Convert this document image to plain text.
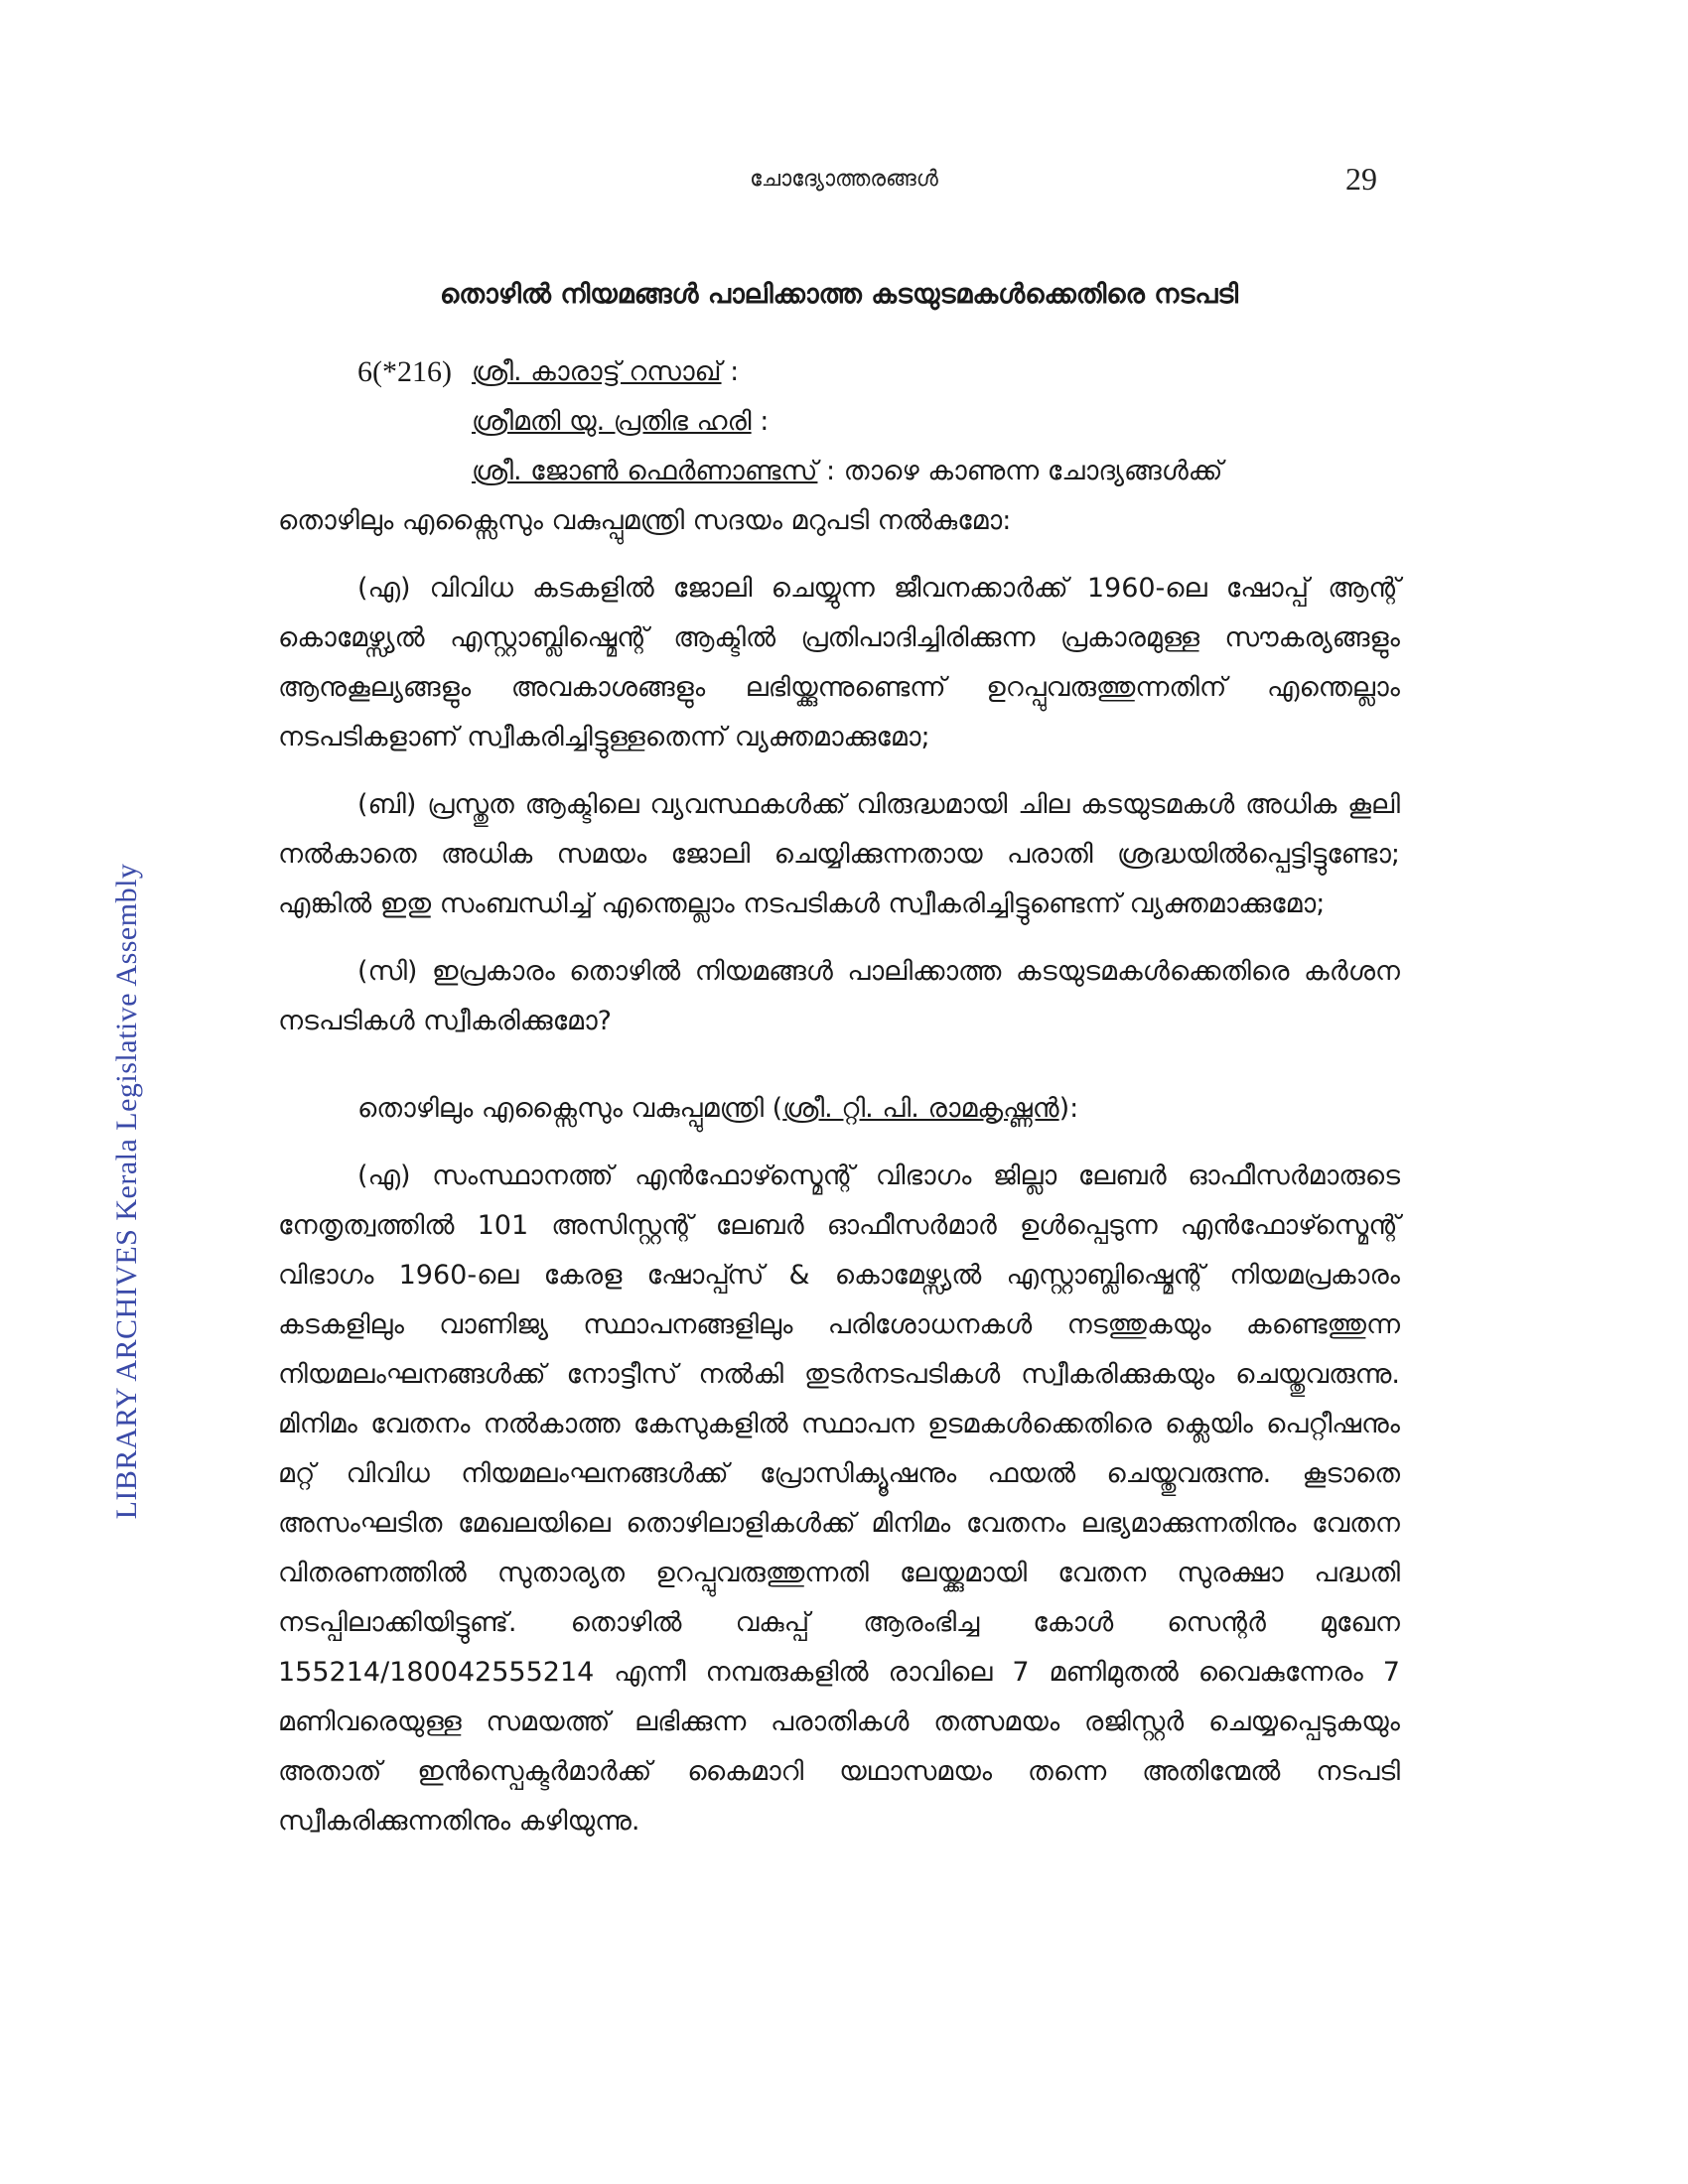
LIBRARY ARCHIVES Kerala Legislative Assembly
ചോദ്യോത്തരങ്ങൾ	29
തൊഴിൽ നിയമങ്ങൾ പാലിക്കാത്ത കടയുടമകൾക്കെതിരെ നടപടി
6(*216) ശ്രീ. കാരാട്ട് റസാഖ് :
ശ്രീമതി യു. പ്രതിഭ ഹരി :
ശ്രീ. ജോൺ ഫെർണാണ്ടസ് : താഴെ കാണുന്ന ചോദ്യങ്ങൾക്ക്

തൊഴിലും എക്സൈസും വകുപ്പുമന്ത്രി സദയം മറുപടി നൽകുമോ:

(എ) വിവിധ കടകളിൽ ജോലി ചെയ്യുന്ന ജീവനക്കാർക്ക് 1960-ലെ ഷോപ്പ് ആന്റ് കൊമേഴ്സ്യൽ എസ്റ്റാബ്ലിഷ്മെന്റ് ആക്ടിൽ പ്രതിപാദിച്ചിരിക്കുന്ന പ്രകാരമുള്ള സൗകര്യങ്ങളും ആനുകൂല്യങ്ങളും അവകാശങ്ങളും ലഭിയ്ക്കുന്നുണ്ടെന്ന് ഉറപ്പുവരുത്തുന്നതിന് എന്തെല്ലാം നടപടികളാണ് സ്വീകരിച്ചിട്ടുള്ളതെന്ന് വ്യക്തമാക്കുമോ;

(ബി) പ്രസ്തുത ആക്ടിലെ വ്യവസ്ഥകൾക്ക് വിരുദ്ധമായി ചില കടയുടമകൾ അധിക കൂലി നൽകാതെ അധിക സമയം ജോലി ചെയ്യിക്കുന്നതായ പരാതി ശ്രദ്ധയിൽപ്പെട്ടിട്ടുണ്ടോ; എങ്കിൽ ഇതു സംബന്ധിച്ച് എന്തെല്ലാം നടപടികൾ സ്വീകരിച്ചിട്ടുണ്ടെന്ന് വ്യക്തമാക്കുമോ;

(സി) ഇപ്രകാരം തൊഴിൽ നിയമങ്ങൾ പാലിക്കാത്ത കടയുടമകൾക്കെതിരെ കർശന നടപടികൾ സ്വീകരിക്കുമോ?

തൊഴിലും എക്സൈസും വകുപ്പുമന്ത്രി (ശ്രീ. റ്റി. പി. രാമകൃഷ്ണൻ):

(എ) സംസ്ഥാനത്ത് എൻഫോഴ്സ്മെന്റ് വിഭാഗം ജില്ലാ ലേബർ ഓഫീസർമാരുടെ നേതൃത്വത്തിൽ 101 അസിസ്റ്റന്റ് ലേബർ ഓഫീസർമാർ ഉൾപ്പെടുന്ന എൻഫോഴ്സ്മെന്റ് വിഭാഗം 1960-ലെ കേരള ഷോപ്പ്സ് & കൊമേഴ്സ്യൽ എസ്റ്റാബ്ലിഷ്മെന്റ് നിയമപ്രകാരം കടകളിലും വാണിജ്യ സ്ഥാപനങ്ങളിലും പരിശോധനകൾ നടത്തുകയും കണ്ടെത്തുന്ന നിയമലംഘനങ്ങൾക്ക് നോട്ടീസ് നൽകി തുടർനടപടികൾ സ്വീകരിക്കുകയും ചെയ്തുവരുന്നു. മിനിമം വേതനം നൽകാത്ത കേസുകളിൽ സ്ഥാപന ഉടമകൾക്കെതിരെ ക്ലെയിം പെറ്റീഷനും മറ്റ് വിവിധ നിയമലംഘനങ്ങൾക്ക് പ്രോസിക്യൂഷനും ഫയൽ ചെയ്തുവരുന്നു. കൂടാതെ അസംഘടിത മേഖലയിലെ തൊഴിലാളികൾക്ക് മിനിമം വേതനം ലഭ്യമാക്കുന്നതിനും വേതന വിതരണത്തിൽ സുതാര്യത ഉറപ്പുവരുത്തുന്നതി ലേയ്ക്കുമായി വേതന സുരക്ഷാ പദ്ധതി നടപ്പിലാക്കിയിട്ടുണ്ട്. തൊഴിൽ വകുപ്പ് ആരംഭിച്ച കോൾ സെന്റർ മുഖേന 155214/180042555214 എന്നീ നമ്പരുകളിൽ രാവിലെ 7 മണിമുതൽ വൈകുന്നേരം 7 മണിവരെയുള്ള സമയത്ത് ലഭിക്കുന്ന പരാതികൾ തത്സമയം രജിസ്റ്റർ ചെയ്യപ്പെടുകയും അതാത് ഇൻസ്പെക്ടർമാർക്ക് കൈമാറി യഥാസമയം തന്നെ അതിന്മേൽ നടപടി സ്വീകരിക്കുന്നതിനും കഴിയുന്നു.
